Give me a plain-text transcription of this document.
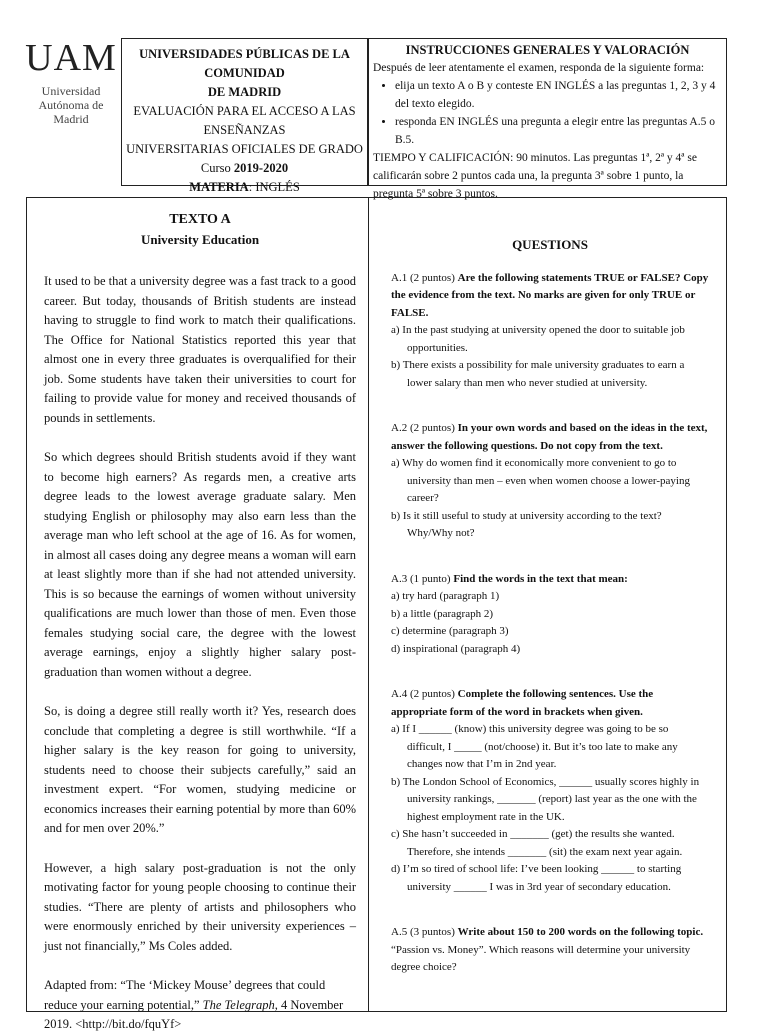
UAM
Universidad Autónoma de Madrid
UNIVERSIDADES PÚBLICAS DE LA COMUNIDAD
DE MADRID
EVALUACIÓN PARA EL ACCESO A LAS ENSEÑANZAS
UNIVERSITARIAS OFICIALES DE GRADO
Curso 2019-2020
MATERIA: INGLÉS
INSTRUCCIONES GENERALES Y VALORACIÓN
Después de leer atentamente el examen, responda de la siguiente forma:
• elija un texto A o B y conteste EN INGLÉS a las preguntas 1, 2, 3 y 4 del texto elegido.
• responda EN INGLÉS una pregunta a elegir entre las preguntas A.5 o B.5.
TIEMPO Y CALIFICACIÓN: 90 minutos. Las preguntas 1ª, 2ª y 4ª se calificarán sobre 2 puntos cada una, la pregunta 3ª sobre 1 punto, la pregunta 5ª sobre 3 puntos.
TEXTO A
University Education

It used to be that a university degree was a fast track to a good career. But today, thousands of British students are instead having to struggle to find work to match their qualifications. The Office for National Statistics reported this year that almost one in every three graduates is overqualified for their job. Some students have taken their universities to court for failing to provide value for money and received thousands of pounds in settlements.

So which degrees should British students avoid if they want to become high earners? As regards men, a creative arts degree leads to the lowest average graduate salary. Men studying English or philosophy may also earn less than the average man who left school at the age of 16. As for women, in almost all cases doing any degree means a woman will earn at least slightly more than if she had not attended university. This is so because the earnings of women without university qualifications are much lower than those of men. Even those females studying social care, the degree with the lowest average earnings, enjoy a slightly higher salary post-graduation than women without a degree.

So, is doing a degree still really worth it? Yes, research does conclude that completing a degree is still worthwhile. “If a higher salary is the key reason for going to university, students need to choose their subjects carefully,” said an investment expert. “For women, studying medicine or economics increases their earning potential by more than 60% and for men over 20%.”

However, a high salary post-graduation is not the only motivating factor for young people choosing to continue their studies. “There are plenty of artists and philosophers who were enormously enriched by their university experiences – just not financially,” Ms Coles added.

Adapted from: “The ‘Mickey Mouse’ degrees that could reduce your earning potential,” The Telegraph, 4 November 2019. <http://bit.do/fquYf>

QUESTIONS
A.1 (2 puntos) Are the following statements TRUE or FALSE? Copy the evidence from the text. No marks are given for only TRUE or FALSE.
a) In the past studying at university opened the door to suitable job opportunities.
b) There exists a possibility for male university graduates to earn a lower salary than men who never studied at university.
A.2 (2 puntos) In your own words and based on the ideas in the text, answer the following questions. Do not copy from the text.
a) Why do women find it economically more convenient to go to university than men – even when women choose a lower-paying career?
b) Is it still useful to study at university according to the text? Why/Why not?
A.3 (1 punto) Find the words in the text that mean:
a) try hard (paragraph 1)
b) a little (paragraph 2)
c) determine (paragraph 3)
d) inspirational (paragraph 4)
A.4 (2 puntos) Complete the following sentences. Use the appropriate form of the word in brackets when given.
a) If I ______ (know) this university degree was going to be so difficult, I _____ (not/choose) it. But it’s too late to make any changes now that I’m in 2nd year.
b) The London School of Economics, ______ usually scores highly in university rankings, _______ (report) last year as the one with the highest employment rate in the UK.
c) She hasn’t succeeded in _______ (get) the results she wanted. Therefore, she intends _______ (sit) the exam next year again.
d) I’m so tired of school life: I’ve been looking ______ to starting university ______ I was in 3rd year of secondary education.
A.5 (3 puntos) Write about 150 to 200 words on the following topic.
“Passion vs. Money”. Which reasons will determine your university degree choice?
